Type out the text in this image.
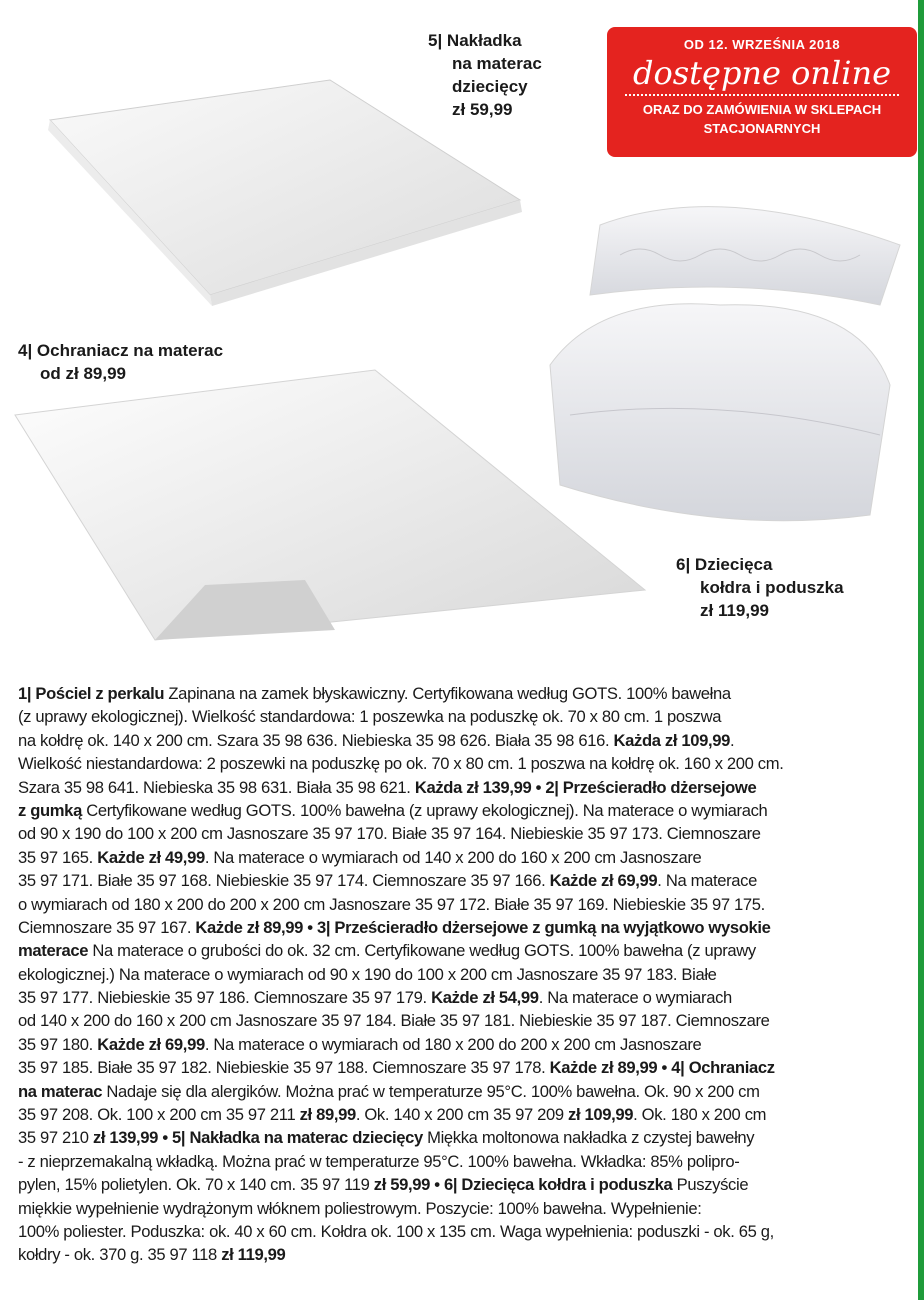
5| Nakładka
na materac
dziecięcy
zł 59,99
4| Ochraniacz na materac
od zł 89,99
6| Dziecięca
kołdra i poduszka
zł 119,99
OD 12. WRZEŚNIA 2018
dostępne online
ORAZ DO ZAMÓWIENIA W SKLEPACH STACJONARNYCH
1| Pościel z perkalu Zapinana na zamek błyskawiczny. Certyfikowana według GOTS. 100% bawełna
(z uprawy ekologicznej). Wielkość standardowa: 1 poszewka na poduszkę ok. 70 x 80 cm. 1 poszwa
na kołdrę ok. 140 x 200 cm. Szara 35 98 636. Niebieska 35 98 626. Biała 35 98 616. Każda zł 109,99.
Wielkość niestandardowa: 2 poszewki na poduszkę po ok. 70 x 80 cm. 1 poszwa na kołdrę ok. 160 x 200 cm.
Szara 35 98 641. Niebieska 35 98 631. Biała 35 98 621. Każda zł 139,99 • 2| Prześcieradło dżersejowe
z gumką Certyfikowane według GOTS. 100% bawełna (z uprawy ekologicznej). Na materace o wymiarach
od 90 x 190 do 100 x 200 cm Jasnoszare 35 97 170. Białe 35 97 164. Niebieskie 35 97 173. Ciemnoszare
35 97 165. Każde zł 49,99. Na materace o wymiarach od 140 x 200 do 160 x 200 cm Jasnoszare
35 97 171. Białe 35 97 168. Niebieskie 35 97 174. Ciemnoszare 35 97 166. Każde zł 69,99. Na materace
o wymiarach od 180 x 200 do 200 x 200 cm Jasnoszare 35 97 172. Białe 35 97 169. Niebieskie 35 97 175.
Ciemnoszare 35 97 167. Każde zł 89,99 • 3| Prześcieradło dżersejowe z gumką na wyjątkowo wysokie
materace Na materace o grubości do ok. 32 cm. Certyfikowane według GOTS. 100% bawełna (z uprawy
ekologicznej.) Na materace o wymiarach od 90 x 190 do 100 x 200 cm Jasnoszare 35 97 183. Białe
35 97 177. Niebieskie 35 97 186. Ciemnoszare 35 97 179. Każde zł 54,99. Na materace o wymiarach
od 140 x 200 do 160 x 200 cm Jasnoszare 35 97 184. Białe 35 97 181. Niebieskie 35 97 187. Ciemnoszare
35 97 180. Każde zł 69,99. Na materace o wymiarach od 180 x 200 do 200 x 200 cm Jasnoszare
35 97 185. Białe 35 97 182. Niebieskie 35 97 188. Ciemnoszare 35 97 178. Każde zł 89,99 • 4| Ochraniacz
na materac Nadaje się dla alergików. Można prać w temperaturze 95°C. 100% bawełna. Ok. 90 x 200 cm
35 97 208. Ok. 100 x 200 cm 35 97 211 zł 89,99. Ok. 140 x 200 cm 35 97 209 zł 109,99. Ok. 180 x 200 cm
35 97 210 zł 139,99 • 5| Nakładka na materac dziecięcy Miękka moltonowa nakładka z czystej bawełny
- z nieprzemakalną wkładką. Można prać w temperaturze 95°C. 100% bawełna. Wkładka: 85% polipro-
pylen, 15% polietylen. Ok. 70 x 140 cm. 35 97 119 zł 59,99 • 6| Dziecięca kołdra i poduszka Puszyście
miękkie wypełnienie wydrążonym włóknem poliestrowym. Poszycie: 100% bawełna. Wypełnienie:
100% poliester. Poduszka: ok. 40 x 60 cm. Kołdra ok. 100 x 135 cm. Waga wypełnienia: poduszki - ok. 65 g,
kołdry - ok. 370 g. 35 97 118 zł 119,99
